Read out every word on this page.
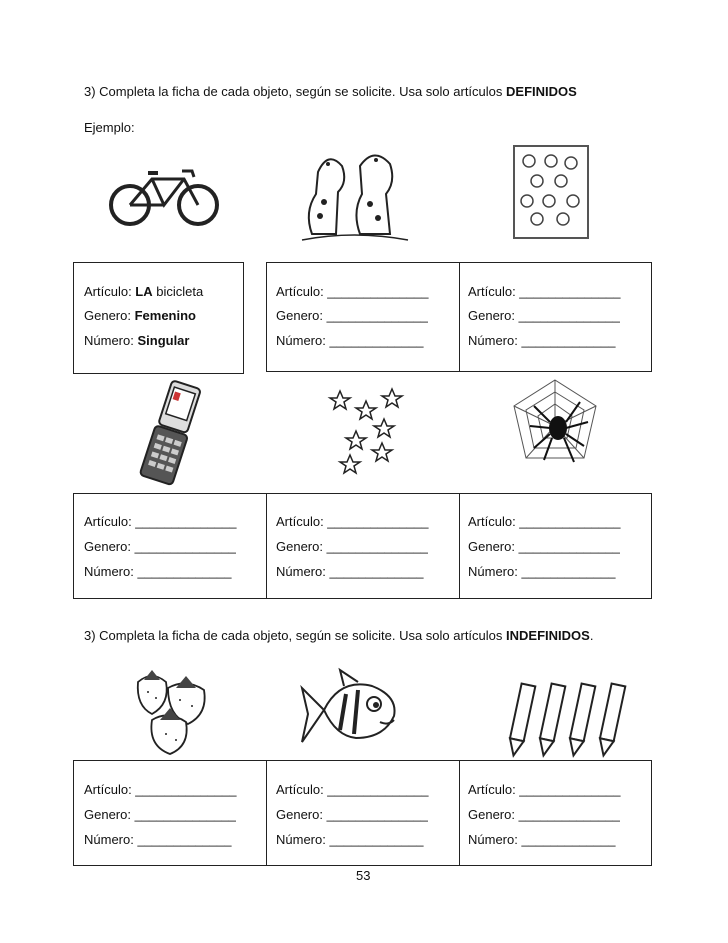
3) Completa la ficha de cada objeto, según se solicite. Usa solo artículos DEFINIDOS
Ejemplo:
Artículo: LA bicicleta
Genero: Femenino
Número: Singular
Artículo: ______________
Genero: ______________
Número: _____________
Artículo: ______________
Genero: ______________
Número: _____________
Artículo: ______________
Genero: ______________
Número: _____________
Artículo: ______________
Genero: ______________
Número: _____________
Artículo: ______________
Genero: ______________
Número: _____________
3) Completa la ficha de cada objeto, según se solicite. Usa solo artículos INDEFINIDOS.
Artículo: ______________
Genero: ______________
Número: _____________
Artículo: ______________
Genero: ______________
Número: _____________
Artículo: ______________
Genero: ______________
Número: _____________
53
